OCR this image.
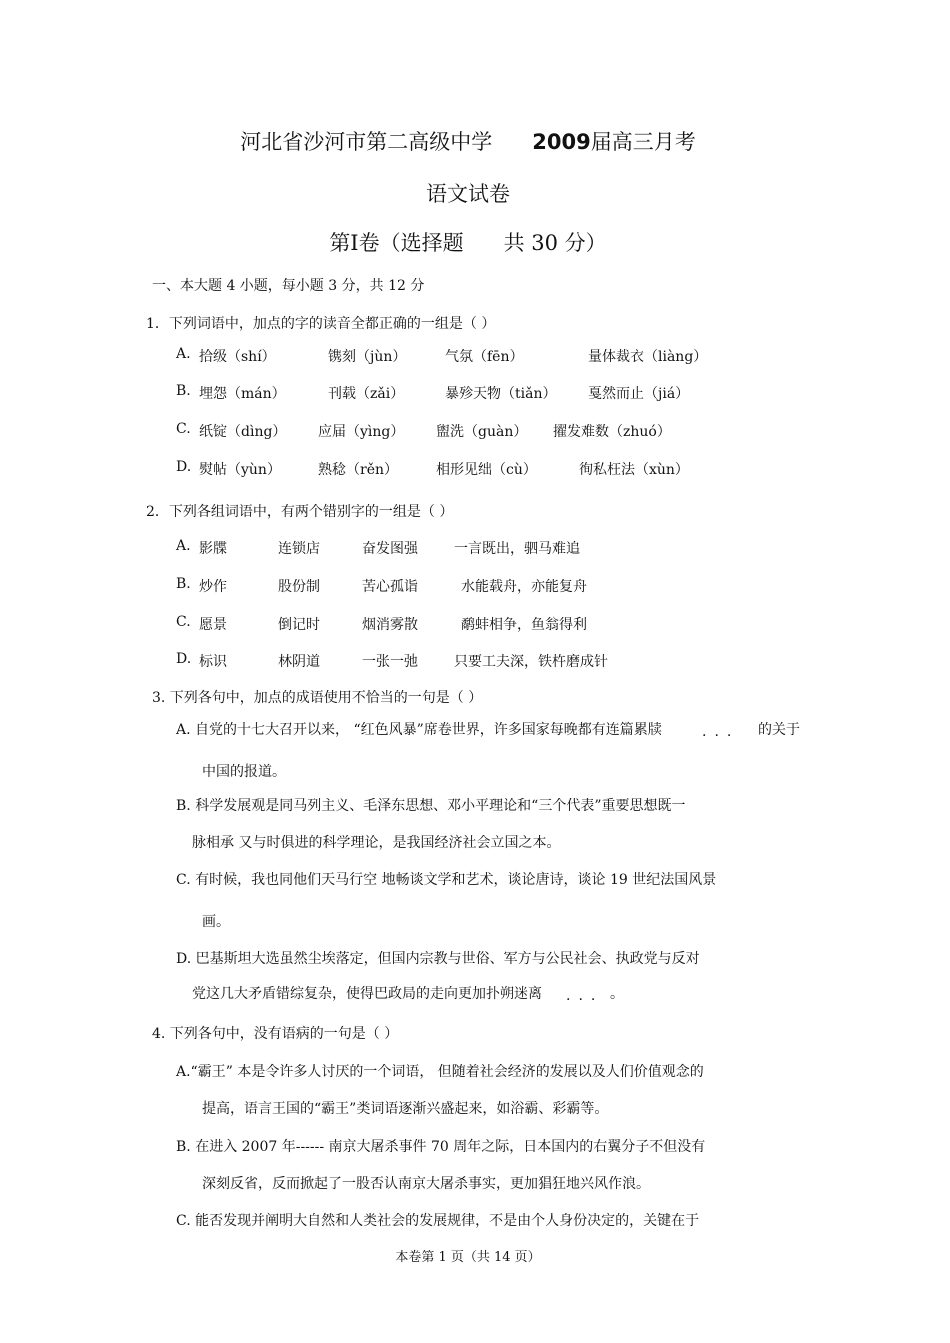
河北省沙河市第二高级中学 2009届高三月考
语文试卷
第Ⅰ卷（选择题 共 30 分）
一、本大题 4 小题，每小题 3 分，共 12 分
1．下列词语中，加点的字的读音全都正确的一组是（ ）
A. 拾级（shí）	镌刻（jùn）	气氛（fēn）	量体裁衣（liàng）
B. 埋怨（mán）	刊载（zǎi）	暴殄天物（tiǎn） 戛然而止（jiá）
C. 纸锭（dìng） 应届（yìng） 盥洗（guàn） 擢发难数（zhuó）
D. 熨帖（yùn）	熟稔（rěn）	相形见绌（cù）	徇私枉法（xùn）
2．下列各组词语中，有两个错别字的一组是（ ）
A. 影牒	连锁店	奋发图强	一言既出，驷马难追
B. 炒作	股份制	苦心孤诣	水能载舟，亦能复舟
C. 愿景	倒记时	烟消雾散	鹬蚌相争，鱼翁得利
D. 标识	林阴道	一张一弛	只要工夫深，铁杵磨成针
3. 下列各句中，加点的成语使用不恰当的一句是（ ）
A. 自党的十七大召开以来， “红色风暴”席卷世界，许多国家每晚都有连篇累牍	... 的关于
中国的报道。
B. 科学发展观是同马列主义、毛泽东思想、邓小平理论和“三个代表”重要思想既一
脉相承 又与时俱进的科学理论，是我国经济社会立国之本。
C. 有时候，我也同他们天马行空 地畅谈文学和艺术，谈论唐诗，谈论 19 世纪法国风景
画。
D. 巴基斯坦大选虽然尘埃落定，但国内宗教与世俗、军方与公民社会、执政党与反对
党这几大矛盾错综复杂，使得巴政局的走向更加扑朔迷离 ... 。
4. 下列各句中，没有语病的一句是（ ）
A.“霸王” 本是令许多人讨厌的一个词语， 但随着社会经济的发展以及人们价值观念的
提高，语言王国的“霸王”类词语逐渐兴盛起来，如浴霸、彩霸等。
B. 在进入 2007 年------ 南京大屠杀事件 70 周年之际，日本国内的右翼分子不但没有
深刻反省，反而掀起了一股否认南京大屠杀事实，更加猖狂地兴风作浪。
C. 能否发现并阐明大自然和人类社会的发展规律，不是由个人身份决定的，关键在于
本卷第 1 页（共 14 页）
